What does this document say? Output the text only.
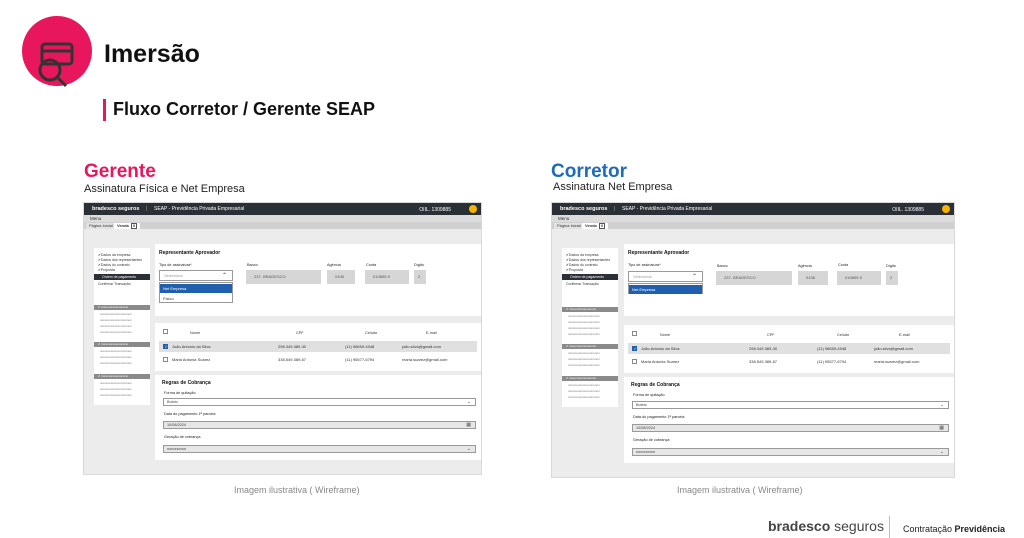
Imersão
Fluxo Corretor / Gerente SEAP
Gerente
Assinatura Física e Net Empresa
Corretor
Assinatura Net Empresa
bradesco seguros | SEAP - Previdência Privada Empresarial	OIIL. 1309885
Menu
Página Inicial	Venda X
✔Dados da empresa
✔Dados dos representantes
✔Dados do contrato
✔Proposta
Ordem de pagamento
Confirmar Transação
✔ nononononononono
nononononononononon
nononononononononon
nononononononononon
nononononononononon
✔ nononononononono
nononononononononon
nononononononononon
nononononononononon
✔ nononononononono
nononononononononon
nononononononononon
nononononononononon
Representante Aprovador
Tipo de assinatura*
Selecionar	⌃
Net Empresa
Físico
Banco
237- BRADESCO
Agência
0108
Conta
010899-9
Dígito
2
Nome	CPF	Celular	E-mail
✓
João Antonio da Silva	298.349.389-30	(11) 98659-4948	joão.silva@gmail.com
Maria Antonia Suarez	338.549.389-67	(11) 95577-6794	maria.suarez@gmail.com
Regras de Cobrança
Forma de quitação
Boleto	⌄
Data do pagamento 1ª parcela
10/08/2024	▦
Geração de cobrança
nonononon	⌄
Imagem ilustrativa ( Wireframe)
bradesco seguros | SEAP - Previdência Privada Empresarial	OIIL. 1309885
Menu
Página Inicial	Venda X
✔Dados da empresa
✔Dados dos representantes
✔Dados do contrato
✔Proposta
Ordem de pagamento
Confirmar Transação
✔ nononononononono
nononononononononon
nononononononononon
nononononononononon
nononononononononon
✔ nononononononono
nononononononononon
nononononononononon
nononononononononon
✔ nononononononono
nononononononononon
nononononononononon
nononononononononon
Representante Aprovador
Tipo de assinatura*
Selecionar	⌃
Net Empresa
Banco
237- BRADESCO
Agência
0108
Conta
010899-9
Dígito
2
Nome	CPF	Celular	E-mail
✓
João Antonio da Silva	298.349.389-30	(11) 98659-4948	joão.silva@gmail.com
Maria Antonia Suarez	338.549.389-67	(11) 95577-6794	maria.suarez@gmail.com
Regras de Cobrança
Forma de quitação
Boleto	⌄
Data do pagamento 1ª parcela
10/08/2024	▦
Geração de cobrança
nonononon	⌄
Imagem ilustrativa ( Wireframe)
bradesco seguros Contratação Previdência
